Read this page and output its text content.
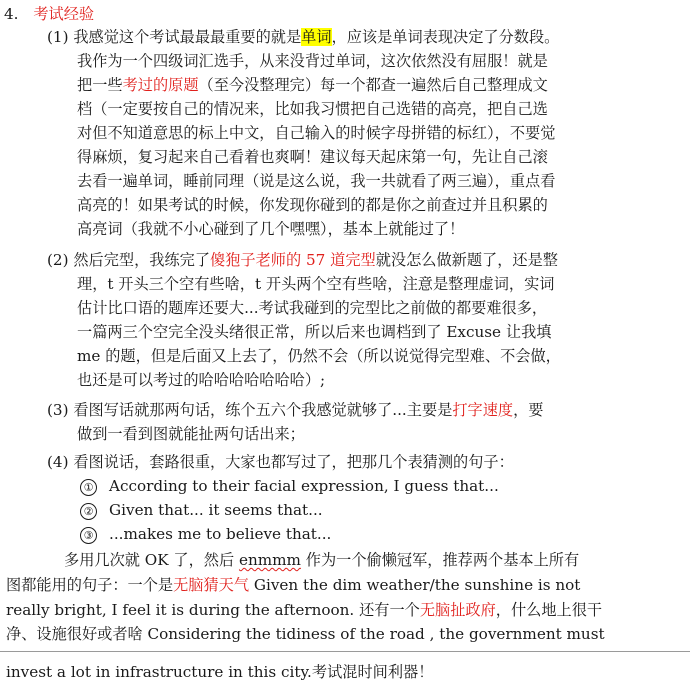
4. 考试经验
(1) 我感觉这个考试最最最重要的就是单词，应该是单词表现决定了分数段。
我作为一个四级词汇选手，从来没背过单词，这次依然没有屈服！就是
把一些考过的原题（至今没整理完）每一个都查一遍然后自己整理成文
档（一定要按自己的情况来，比如我习惯把自己选错的高亮，把自己选
对但不知道意思的标上中文，自己输入的时候字母拼错的标红），不要觉
得麻烦，复习起来自己看着也爽啊！建议每天起床第一句，先让自己滚
去看一遍单词，睡前同理（说是这么说，我一共就看了两三遍），重点看
高亮的！如果考试的时候，你发现你碰到的都是你之前查过并且积累的
高亮词（我就不小心碰到了几个嘿嘿），基本上就能过了！
(2) 然后完型，我练完了傻狍子老师的 57 道完型就没怎么做新题了，还是整
理，t 开头三个空有些啥，t 开头两个空有些啥，注意是整理虚词，实词
估计比口语的题库还要大...考试我碰到的完型比之前做的都要难很多，
一篇两三个空完全没头绪很正常，所以后来也调档到了 Excuse 让我填
me 的题，但是后面又上去了，仍然不会（所以说觉得完型难、不会做，
也还是可以考过的哈哈哈哈哈哈哈）;
(3) 看图写话就那两句话，练个五六个我感觉就够了...主要是打字速度，要
做到一看到图就能扯两句话出来；
(4) 看图说话，套路很重，大家也都写过了，把那几个表猜测的句子：
① According to their facial expression, I guess that...
② Given that... it seems that...
③ ...makes me to believe that...
多用几次就 OK 了，然后 enmmm 作为一个偷懒冠军，推荐两个基本上所有
图都能用的句子：一个是无脑猜天气 Given the dim weather/the sunshine is not
really bright, I feel it is during the afternoon. 还有一个无脑扯政府，什么地上很干
净、设施很好或者啥 Considering the tidiness of the road , the government must
invest a lot in infrastructure in this city.考试混时间利器！
